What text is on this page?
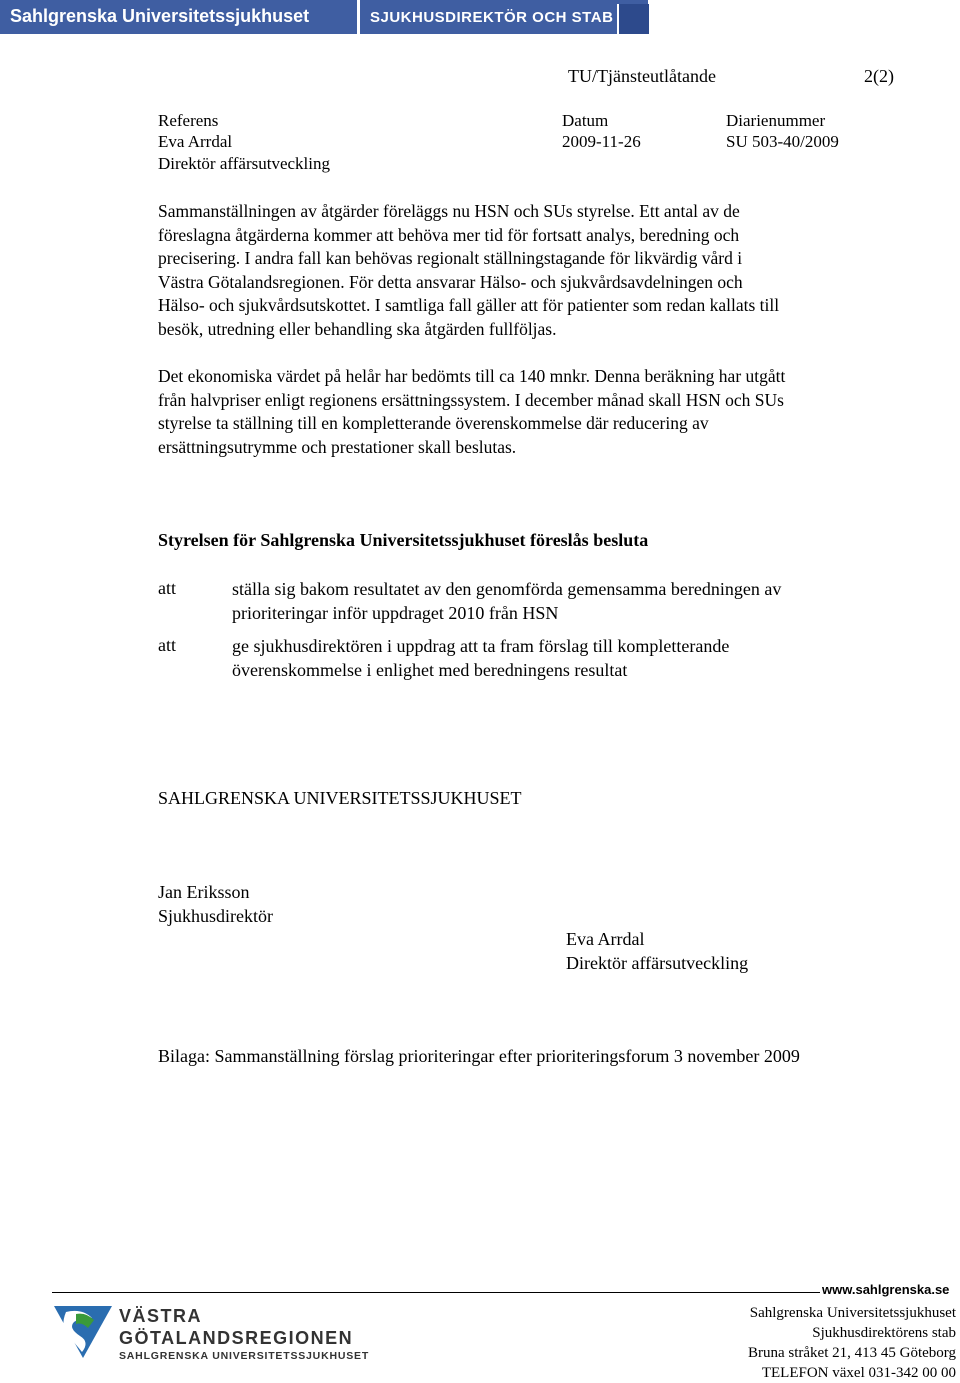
Sahlgrenska Universitetssjukhuset	SJUKHUSDIREKTÖR OCH STAB
TU/Tjänsteutlåtande	2(2)
Referens	Datum	Diarienummer
Eva Arrdal	2009-11-26	SU 503-40/2009
Direktör affärsutveckling
Sammanställningen av åtgärder föreläggs nu HSN och SUs styrelse. Ett antal av de
föreslagna åtgärderna kommer att behöva mer tid för fortsatt analys, beredning och
precisering. I andra fall kan behövas regionalt ställningstagande för likvärdig vård i
Västra Götalandsregionen. För detta ansvarar Hälso- och sjukvårdsavdelningen och
Hälso- och sjukvårdsutskottet. I samtliga fall gäller att för patienter som redan kallats till
besök, utredning eller behandling ska åtgärden fullföljas.
Det ekonomiska värdet på helår har bedömts till ca 140 mnkr. Denna beräkning har utgått
från halvpriser enligt regionens ersättningssystem. I december månad skall HSN och SUs
styrelse ta ställning till en kompletterande överenskommelse där reducering av
ersättningsutrymme och prestationer skall beslutas.
Styrelsen för Sahlgrenska Universitetssjukhuset föreslås besluta
att	ställa sig bakom resultatet av den genomförda gemensamma beredningen av
prioriteringar inför uppdraget 2010 från HSN
att	ge sjukhusdirektören i uppdrag att ta fram förslag till kompletterande
överenskommelse i enlighet med beredningens resultat
SAHLGRENSKA UNIVERSITETSSJUKHUSET
Jan Eriksson
Sjukhusdirektör
Eva Arrdal
Direktör affärsutveckling
Bilaga: Sammanställning förslag prioriteringar efter prioriteringsforum 3 november 2009
www.sahlgrenska.se
Sahlgrenska Universitetssjukhuset
Sjukhusdirektörens stab
Bruna stråket 21, 413 45 Göteborg
TELEFON växel 031-342 00 00
VÄSTRA
GÖTALANDSREGIONEN
SAHLGRENSKA UNIVERSITETSSJUKHUSET
